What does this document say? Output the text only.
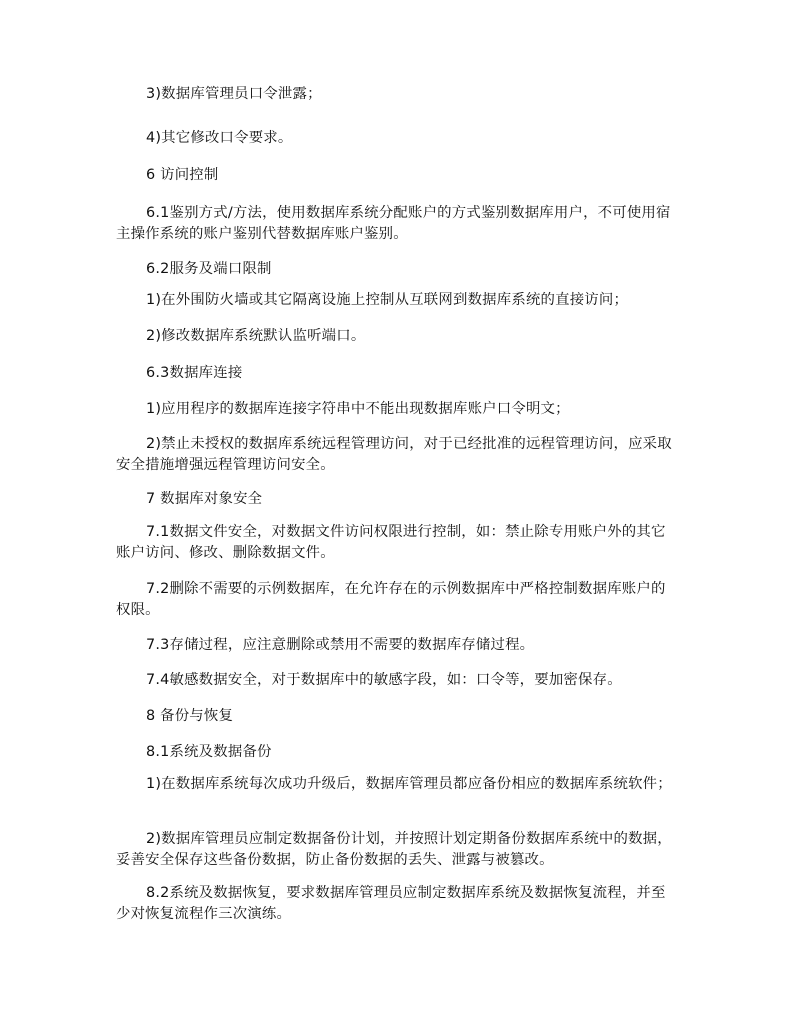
3)数据库管理员口令泄露；

4)其它修改口令要求。

6 访问控制

6.1鉴别方式/方法，使用数据库系统分配账户的方式鉴别数据库用户，不可使用宿主操作系统的账户鉴别代替数据库账户鉴别。

6.2服务及端口限制

1)在外围防火墙或其它隔离设施上控制从互联网到数据库系统的直接访问；

2)修改数据库系统默认监听端口。

6.3数据库连接

1)应用程序的数据库连接字符串中不能出现数据库账户口令明文；

2)禁止未授权的数据库系统远程管理访问，对于已经批准的远程管理访问，应采取安全措施增强远程管理访问安全。

7 数据库对象安全

7.1数据文件安全，对数据文件访问权限进行控制，如：禁止除专用账户外的其它账户访问、修改、删除数据文件。

7.2删除不需要的示例数据库，在允许存在的示例数据库中严格控制数据库账户的权限。

7.3存储过程，应注意删除或禁用不需要的数据库存储过程。

7.4敏感数据安全，对于数据库中的敏感字段，如：口令等，要加密保存。

8 备份与恢复

8.1系统及数据备份

1)在数据库系统每次成功升级后，数据库管理员都应备份相应的数据库系统软件；

2)数据库管理员应制定数据备份计划，并按照计划定期备份数据库系统中的数据，妥善安全保存这些备份数据，防止备份数据的丢失、泄露与被篡改。

8.2系统及数据恢复，要求数据库管理员应制定数据库系统及数据恢复流程，并至少对恢复流程作三次演练。
